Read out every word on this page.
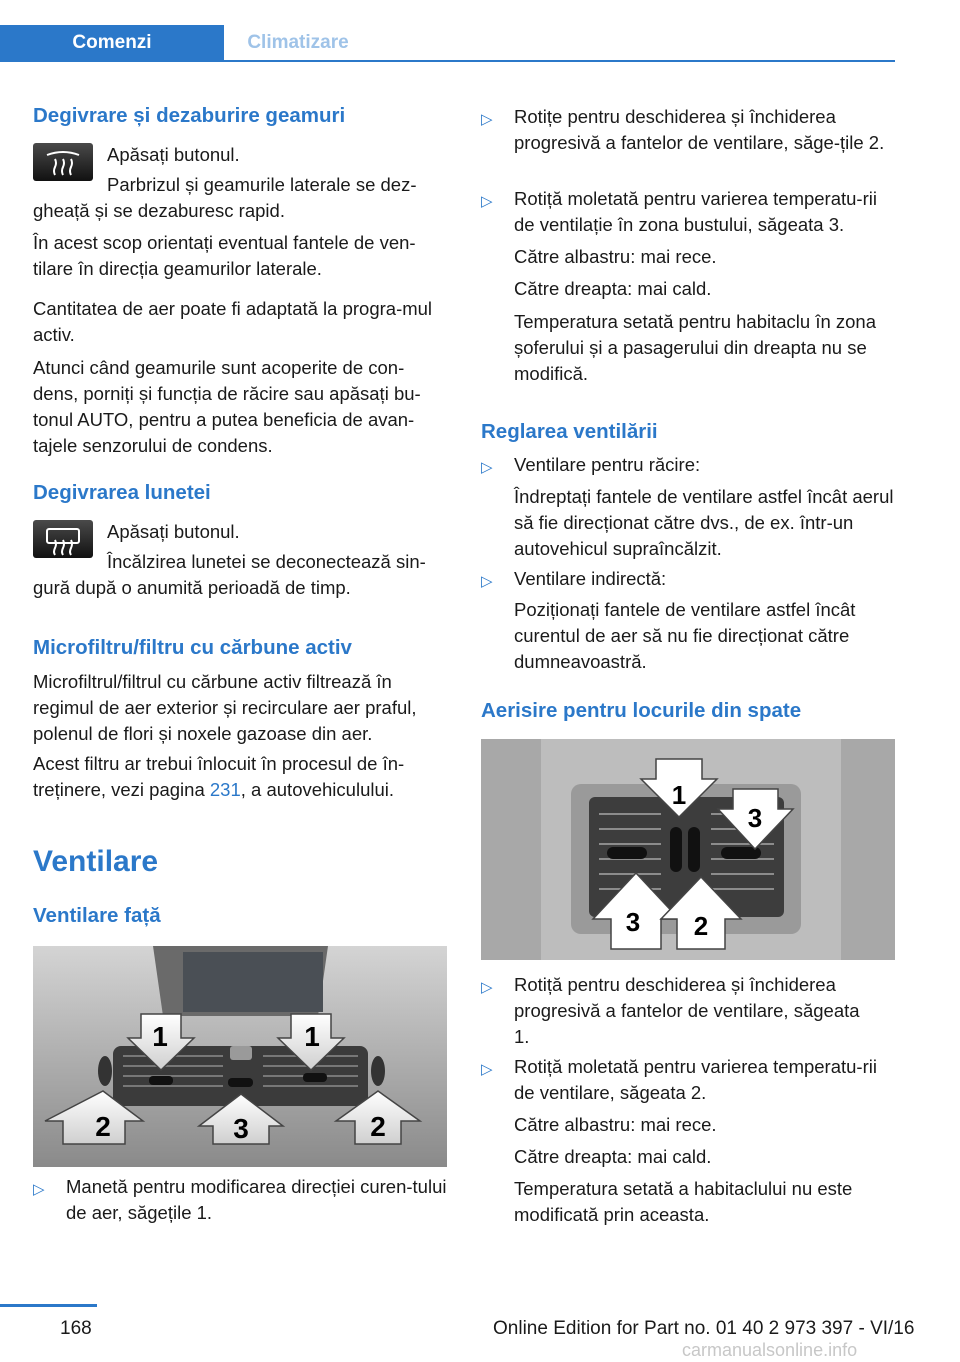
Comenzi	Climatizare
Degivrare și dezaburire geamuri

Apăsați butonul.

Parbrizul și geamurile laterale se dez-

gheață și se dezaburesc rapid.

În acest scop orientați eventual fantele de ven-tilare în direcția geamurilor laterale.

Cantitatea de aer poate fi adaptată la progra-mul activ.

Atunci când geamurile sunt acoperite de con-dens, porniți și funcția de răcire sau apăsați bu-tonul AUTO, pentru a putea beneficia de avan-tajele senzorului de condens.

Degivrarea lunetei

Apăsați butonul.

Încălzirea lunetei se deconectează sin-

gură după o anumită perioadă de timp.

Microfiltru/filtru cu cărbune activ

Microfiltrul/filtrul cu cărbune activ filtrează în regimul de aer exterior și recirculare aer praful, polenul de flori și noxele gazoase din aer.

Acest filtru ar trebui înlocuit în procesul de în-treținere, vezi pagina 231, a autovehiculului.

Ventilare
Ventilare față
1	1
2	3	2
▷ Manetă pentru modificarea direcției curen-tului de aer, săgețile 1.

▷ Rotițe pentru deschiderea și închiderea progresivă a fantelor de ventilare, săge-țile 2.

▷ Rotiță moletată pentru varierea temperatu-rii de ventilație în zona bustului, săgeata 3.

Către albastru: mai rece.

Către dreapta: mai cald.

Temperatura setată pentru habitaclu în zona șoferului și a pasagerului din dreapta nu se modifică.

Reglarea ventilării
▷ Ventilare pentru răcire:

Îndreptați fantele de ventilare astfel încât aerul să fie direcționat către dvs., de ex. într-un autovehicul supraîncălzit.

▷ Ventilare indirectă:

Poziționați fantele de ventilare astfel încât curentul de aer să nu fie direcționat către dumneavoastră.

Aerisire pentru locurile din spate
1
3
3 2
▷ Rotiță pentru deschiderea și închiderea progresivă a fantelor de ventilare, săgeata 1.

▷ Rotiță moletată pentru varierea temperatu-rii de ventilare, săgeata 2.

Către albastru: mai rece.

Către dreapta: mai cald.

Temperatura setată a habitaclului nu este modificată prin aceasta.

168	Online Edition for Part no. 01 40 2 973 397 - VI/16
carmanualsonline.info
